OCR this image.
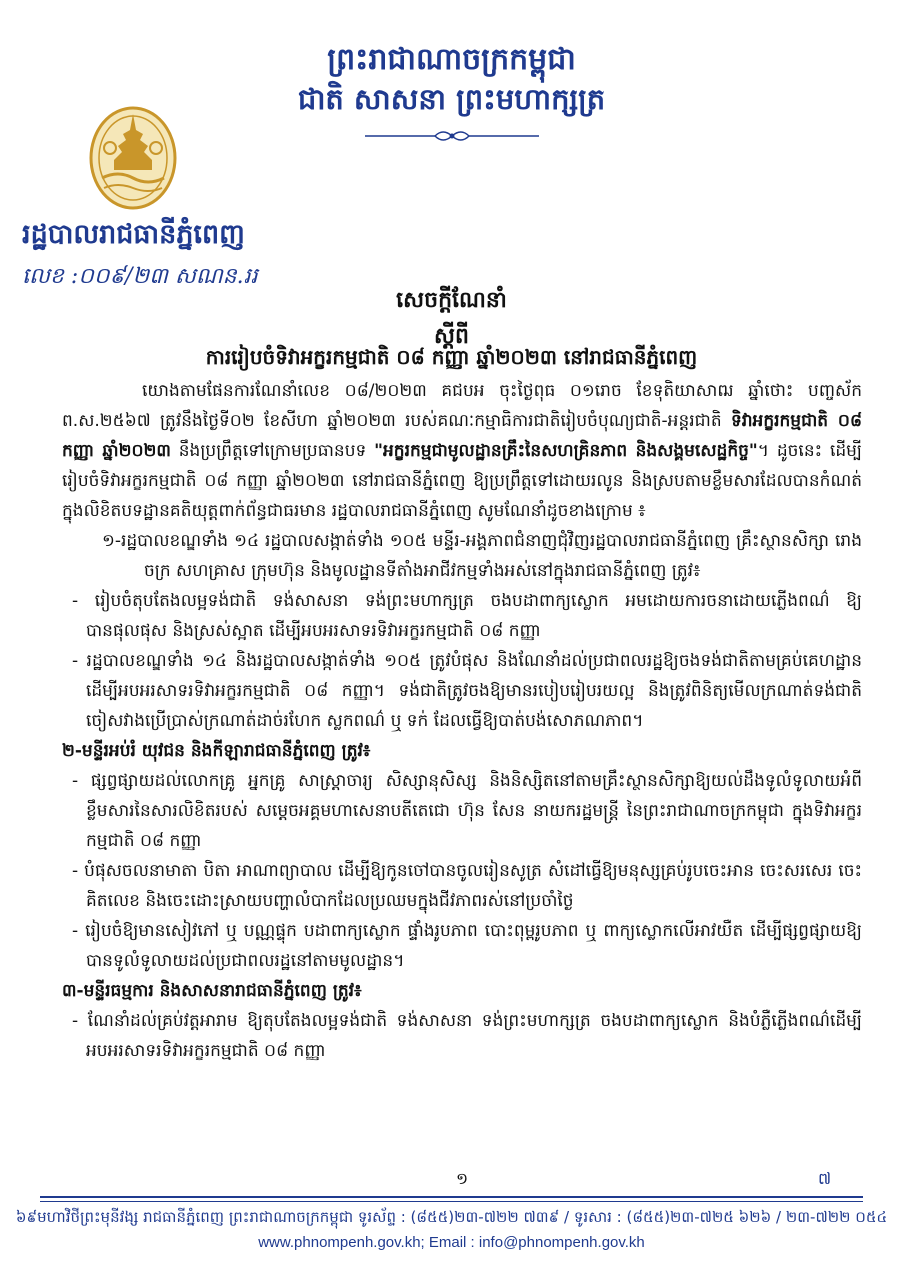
ព្រះរាជាណាចក្រកម្ពុជា
ជាតិ សាសនា ព្រះមហាក្សត្រ
រដ្ឋបាលរាជធានីភ្នំពេញ
លេខ :០០៩/២៣ សណន.ររ
សេចក្តីណែនាំ
ស្តីពី
ការរៀបចំទិវាអក្ខរកម្មជាតិ ០៨ កញ្ញា ឆ្នាំ២០២៣ នៅរាជធានីភ្នំពេញ

យោងតាមផែនការណែនាំលេខ ០៨/២០២៣ គជបអ ចុះថ្ងៃពុធ ០១រោច ខែទុតិយាសាឍ ឆ្នាំថោះ បញ្ចស័ក ព.ស.២៥៦៧ ត្រូវនឹងថ្ងៃទី០២ ខែសីហា ឆ្នាំ២០២៣ របស់គណៈកម្មាធិការជាតិរៀបចំបុណ្យជាតិ-អន្តរជាតិ ទិវាអក្ខរកម្មជាតិ ០៨ កញ្ញា ឆ្នាំ២០២៣ នឹងប្រព្រឹត្តទៅក្រោមប្រធានបទ "អក្ខរកម្មជាមូលដ្ឋានគ្រឹះនៃសហគ្រិនភាព និងសង្គមសេដ្ឋកិច្ច"។ ដូចនេះ ដើម្បីរៀបចំទិវាអក្ខរកម្មជាតិ ០៨ កញ្ញា ឆ្នាំ២០២៣ នៅរាជធានីភ្នំពេញ ឱ្យប្រព្រឹត្តទៅដោយរលូន និងស្របតាមខ្លឹមសារដែលបានកំណត់ក្នុងលិខិតបទដ្ឋានគតិយុត្តពាក់ព័ន្ធជាធរមាន រដ្ឋបាលរាជធានីភ្នំពេញ សូមណែនាំដូចខាងក្រោម ៖

១-រដ្ឋបាលខណ្ឌទាំង ១៤ រដ្ឋបាលសង្កាត់ទាំង ១០៥ មន្ទីរ-អង្គភាពជំនាញជុំវិញរដ្ឋបាលរាជធានីភ្នំពេញ គ្រឹះស្ថានសិក្សា រោងចក្រ សហគ្រាស ក្រុមហ៊ុន និងមូលដ្ឋានទីតាំងអាជីវកម្មទាំងអស់នៅក្នុងរាជធានីភ្នំពេញ ត្រូវ៖

- រៀបចំតុបតែងលម្អទង់ជាតិ ទង់សាសនា ទង់ព្រះមហាក្សត្រ ចងបដាពាក្យស្លោក អមដោយការចនាដោយភ្លើងពណ៌ ឱ្យបានផុលផុស និងស្រស់ស្អាត ដើម្បីអបអរសាទរទិវាអក្ខរកម្មជាតិ ០៨ កញ្ញា

- រដ្ឋបាលខណ្ឌទាំង ១៤ និងរដ្ឋបាលសង្កាត់ទាំង ១០៥ ត្រូវបំផុស និងណែនាំដល់ប្រជាពលរដ្ឋឱ្យចងទង់ជាតិតាមគ្រប់គេហដ្ឋាន ដើម្បីអបអរសាទរទិវាអក្ខរកម្មជាតិ ០៨ កញ្ញា។ ទង់ជាតិត្រូវចងឱ្យមានរបៀបរៀបរយល្អ និងត្រូវពិនិត្យមើលក្រណាត់ទង់ជាតិ ចៀសវាងប្រើប្រាស់ក្រណាត់ដាច់រហែក ស្លកពណ៌ ឬ ទក់ ដែលធ្វើឱ្យបាត់បង់សោភណភាព។

២-មន្ទីរអប់រំ យុវជន និងកីឡារាជធានីភ្នំពេញ ត្រូវ៖

- ផ្សព្វផ្សាយដល់លោកគ្រូ អ្នកគ្រូ សាស្ត្រាចារ្យ សិស្សានុសិស្ស និងនិស្សិតនៅតាមគ្រឹះស្ថានសិក្សាឱ្យយល់ដឹងទូលំទូលាយអំពីខ្លឹមសារនៃសារលិខិតរបស់ សម្តេចអគ្គមហាសេនាបតីតេជោ ហ៊ុន សែន នាយករដ្ឋមន្ត្រី នៃព្រះរាជាណាចក្រកម្ពុជា ក្នុងទិវាអក្ខរកម្មជាតិ ០៨ កញ្ញា

- បំផុសចលនាមាតា បិតា អាណាព្យាបាល ដើម្បីឱ្យកូនចៅបានចូលរៀនសូត្រ សំដៅធ្វើឱ្យមនុស្សគ្រប់រូបចេះអាន ចេះសរសេរ ចេះគិតលេខ និងចេះដោះស្រាយបញ្ហាលំបាកដែលប្រឈមក្នុងជីវភាពរស់នៅប្រចាំថ្ងៃ

- រៀបចំឱ្យមានសៀវភៅ ឬ បណ្ណផ្ទុក បដាពាក្យស្លោក ផ្ទាំងរូបភាព បោះពុម្ពរូបភាព ឬ ពាក្យស្លោកលើអាវយឺត ដើម្បីផ្សព្វផ្សាយឱ្យបានទូលំទូលាយដល់ប្រជាពលរដ្ឋនៅតាមមូលដ្ឋាន។

៣-មន្ទីរធម្មការ និងសាសនារាជធានីភ្នំពេញ ត្រូវ៖

- ណែនាំដល់គ្រប់វត្តអារាម ឱ្យតុបតែងលម្អទង់ជាតិ ទង់សាសនា ទង់ព្រះមហាក្សត្រ ចងបដាពាក្យស្លោក និងបំភ្លឺភ្លើងពណ៌ដើម្បីអបអរសាទរទិវាអក្ខរកម្មជាតិ ០៨ កញ្ញា

១	៧
៦៩មហាវិថីព្រះមុនីវង្ស រាជធានីភ្នំពេញ ព្រះរាជាណាចក្រកម្ពុជា ទូរស័ព្ទ : (៨៥៥)២៣-៧២២ ៧៣៩ / ទូរសារ : (៨៥៥)២៣-៧២៥ ៦២៦ / ២៣-៧២២ ០៥៤
www.phnompenh.gov.kh; Email : info@phnompenh.gov.kh
